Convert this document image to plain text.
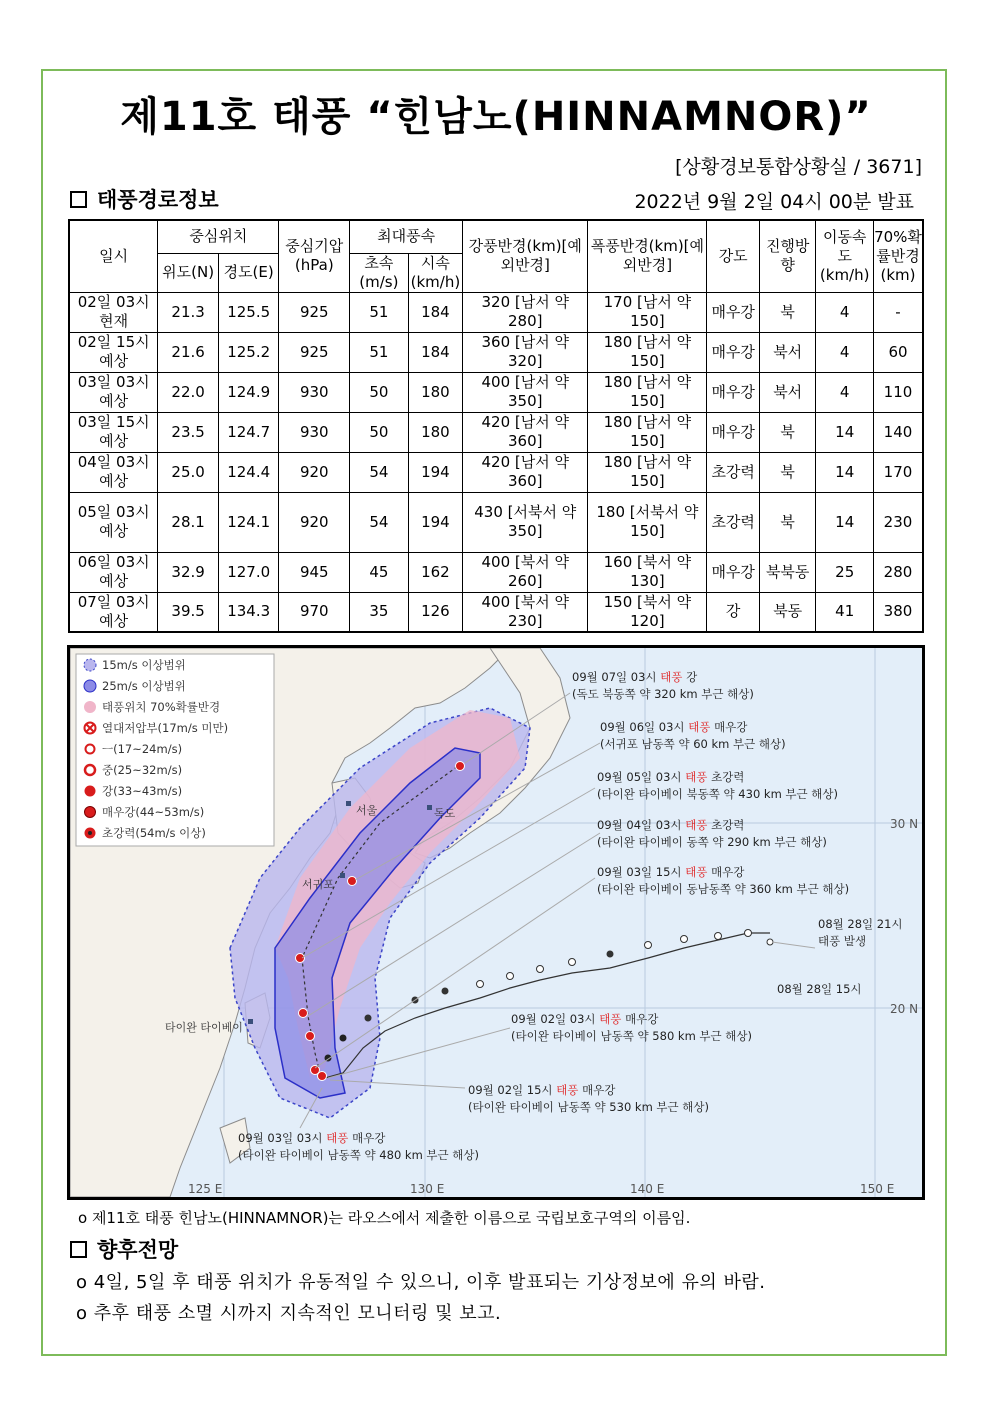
제11호 태풍 “힌남노(HINNAMNOR)”
[상황경보통합상황실 / 3671]
태풍경로정보	2022년 9월 2일 04시 00분 발표
일시	중심위치		중심기압(hPa)	최대풍속		강풍반경(km)[예외반경]	폭풍반경(km)[예외반경]	강도	진행방향	이동속도(km/h)	70%확률반경(km)
	위도(N)	경도(E)		초속(m/s)	시속(km/h)						
02일 03시 현재	21.3	125.5	925	51	184	320 [남서 약 280]	170 [남서 약 150]	매우강	북	4	-
02일 15시 예상	21.6	125.2	925	51	184	360 [남서 약 320]	180 [남서 약 150]	매우강	북서	4	60
03일 03시 예상	22.0	124.9	930	50	180	400 [남서 약 350]	180 [남서 약 150]	매우강	북서	4	110
03일 15시 예상	23.5	124.7	930	50	180	420 [남서 약 360]	180 [남서 약 150]	매우강	북	14	140
04일 03시 예상	25.0	124.4	920	54	194	420 [남서 약 360]	180 [남서 약 150]	초강력	북	14	170
05일 03시 예상	28.1	124.1	920	54	194	430 [서북서 약 350]	180 [서북서 약 150]	초강력	북	14	230
06일 03시 예상	32.9	127.0	945	45	162	400 [북서 약 260]	160 [북서 약 130]	매우강	북북동	25	280
07일 03시 예상	39.5	134.3	970	35	126	400 [북서 약 230]	150 [북서 약 120]	강	북동	41	380
서울	독도
서귀포
타이완 타이베이
30 N
20 N
125 E	130 E	140 E	150 E
09월 07일 03시 태풍 강
(독도 북동쪽 약 320 km 부근 해상)
09월 06일 03시 태풍 매우강
(서귀포 남동쪽 약 60 km 부근 해상)
09월 05일 03시 태풍 초강력
(타이완 타이베이 북동쪽 약 430 km 부근 해상)
09월 04일 03시 태풍 초강력
(타이완 타이베이 동쪽 약 290 km 부근 해상)
09월 03일 15시 태풍 매우강
(타이완 타이베이 동남동쪽 약 360 km 부근 해상)
09월 02일 03시 태풍 매우강
(타이완 타이베이 남동쪽 약 580 km 부근 해상)
09월 02일 15시 태풍 매우강
(타이완 타이베이 남동쪽 약 530 km 부근 해상)
09월 03일 03시 태풍 매우강
(타이완 타이베이 남동쪽 약 480 km 부근 해상)
08월 28일 21시
태풍 발생
08월 28일 15시
15m/s 이상범위
25m/s 이상범위
태풍위치 70%확률반경
열대저압부(17m/s 미만)
ㅡ(17~24m/s)
중(25~32m/s)
강(33~43m/s)
매우강(44~53m/s)
초강력(54m/s 이상)
o 제11호 태풍 힌남노(HINNAMNOR)는 라오스에서 제출한 이름으로 국립보호구역의 이름임.
향후전망
o 4일, 5일 후 태풍 위치가 유동적일 수 있으니, 이후 발표되는 기상정보에 유의 바람.
o 추후 태풍 소멸 시까지 지속적인 모니터링 및 보고.
